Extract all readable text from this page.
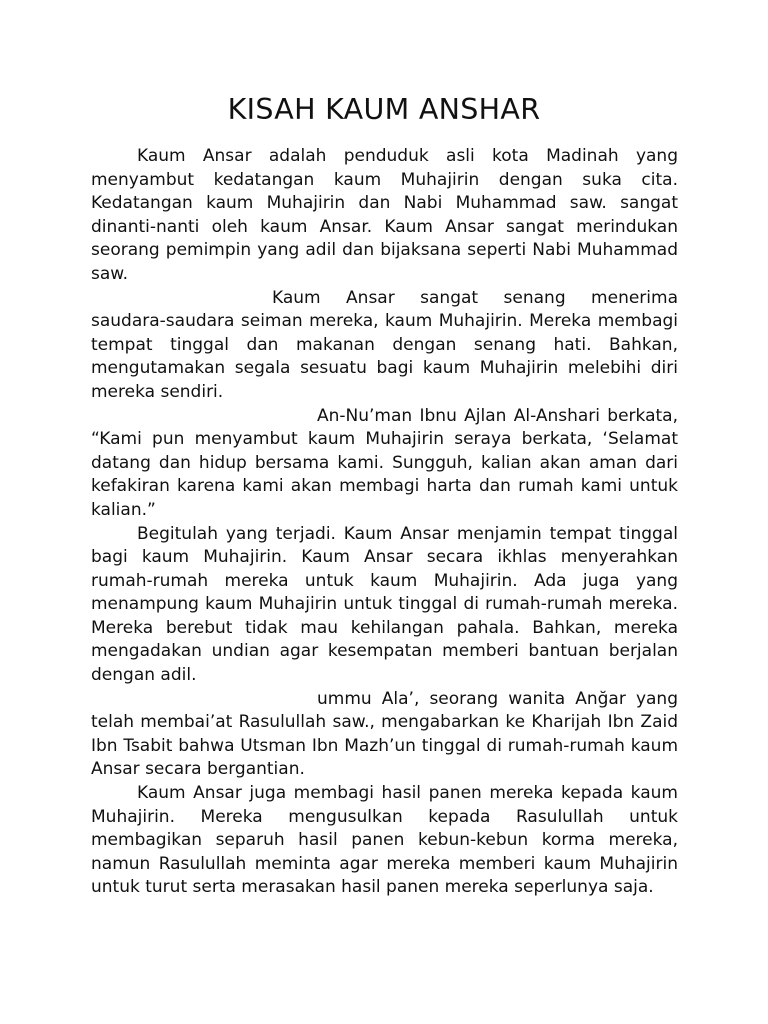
KISAH KAUM ANSHAR

Kaum Ansar adalah penduduk asli kota Madinah yang menyambut kedatangan kaum Muhajirin dengan suka cita. Kedatangan kaum Muhajirin dan Nabi Muhammad saw. sangat dinanti-nanti oleh kaum Ansar. Kaum Ansar sangat merindukan seorang pemimpin yang adil dan bijaksana seperti Nabi Muhammad saw.

Kaum Ansar sangat senang menerima saudara-saudara seiman mereka, kaum Muhajirin. Mereka membagi tempat tinggal dan makanan dengan senang hati. Bahkan, mengutamakan segala sesuatu bagi kaum Muhajirin melebihi diri mereka sendiri.

An-Nu’man Ibnu Ajlan Al-Anshari berkata, “Kami pun menyambut kaum Muhajirin seraya berkata, ‘Selamat datang dan hidup bersama kami. Sungguh, kalian akan aman dari kefakiran karena kami akan membagi harta dan rumah kami untuk kalian.”

Begitulah yang terjadi. Kaum Ansar menjamin tempat tinggal bagi kaum Muhajirin. Kaum Ansar secara ikhlas menyerahkan rumah-rumah mereka untuk kaum Muhajirin. Ada juga yang menampung kaum Muhajirin untuk tinggal di rumah-rumah mereka. Mereka berebut tidak mau kehilangan pahala. Bahkan, mereka mengadakan undian agar kesempatan memberi bantuan berjalan dengan adil.

ummu Ala’, seorang wanita Anğar yang telah membai’at Rasulullah saw., mengabarkan ke Kharijah Ibn Zaid Ibn Tsabit bahwa Utsman Ibn Mazh’un tinggal di rumah-rumah kaum Ansar secara bergantian.

Kaum Ansar juga membagi hasil panen mereka kepada kaum Muhajirin. Mereka mengusulkan kepada Rasulullah untuk membagikan separuh hasil panen kebun-kebun korma mereka, namun Rasulullah meminta agar mereka memberi kaum Muhajirin untuk turut serta merasakan hasil panen mereka seperlunya saja.
